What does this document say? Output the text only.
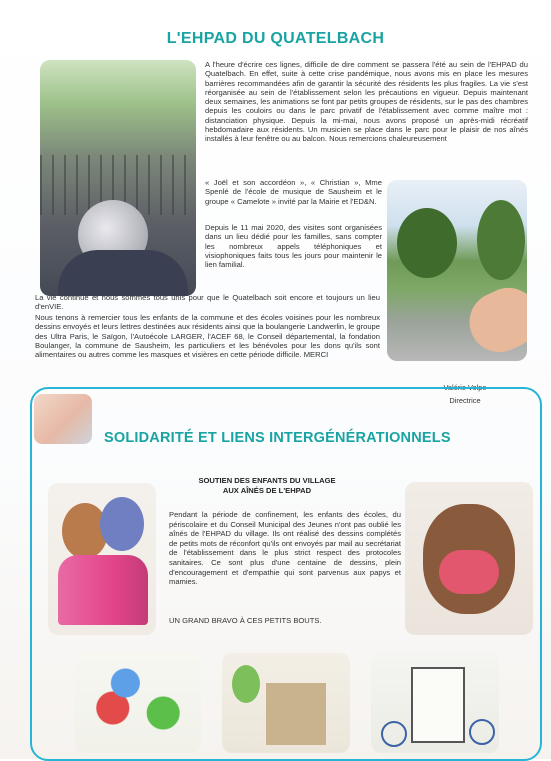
L'EHPAD DU QUATELBACH
A l'heure d'écrire ces lignes, difficile de dire comment se passera l'été au sein de l'EHPAD du Quatelbach. En effet, suite à cette crise pandémique, nous avons mis en place les mesures barrières recommandées afin de garantir la sécurité des résidents les plus fragiles. La vie s'est réorganisée au sein de l'établissement selon les précautions en vigueur. Depuis maintenant deux semaines, les animations se font par petits groupes de résidents, sur le pas des chambres depuis les couloirs ou dans le parc privatif de l'établissement avec comme maître mot : distanciation physique. Depuis la mi-mai, nous avons proposé un après-midi récréatif hebdomadaire aux résidents. Un musicien se place dans le parc pour le plaisir de nos aînés installés à leur fenêtre ou au balcon. Nous remercions chaleureusement
« Joël et son accordéon », « Christian », Mme Spenlé de l'école de musique de Sausheim et le groupe « Camelote » invité par la Mairie et l'ED&N.
Depuis le 11 mai 2020, des visites sont organisées dans un lieu dédié pour les familles, sans compter les nombreux appels téléphoniques et visiophoniques faits tous les jours pour maintenir le lien familial.
La vie continue et nous sommes tous unis pour que le Quatelbach soit encore et toujours un lieu d'enVIE.
Nous tenons à remercier tous les enfants de la commune et des écoles voisines pour les nombreux dessins envoyés et leurs lettres destinées aux résidents ainsi que la boulangerie Landwerlin, le groupe des Ultra Paris, le Saïgon, l'Autoécole LARGER, l'ACEF 68, le Conseil départemental, la fondation Boulanger, la commune de Sausheim, les particuliers et les bénévoles pour les dons qu'ils sont alimentaires ou autres comme les masques et visières en cette période difficile. MERCI
Valérie Volpe
Directrice
SOLIDARITÉ ET LIENS INTERGÉNÉRATIONNELS
SOUTIEN DES ENFANTS DU VILLAGE
AUX AÎNÉS DE L'EHPAD
Pendant la période de confinement, les enfants des écoles, du périscolaire et du Conseil Municipal des Jeunes n'ont pas oublié les aînés de l'EHPAD du village. Ils ont réalisé des dessins complétés de petits mots de réconfort qu'ils ont envoyés par mail au secrétariat de l'établissement dans le plus strict respect des protocoles sanitaires. Ce sont plus d'une centaine de dessins, plein d'encouragement et d'empathie qui sont parvenus aux papys et mamies.
UN GRAND BRAVO À CES PETITS BOUTS.
